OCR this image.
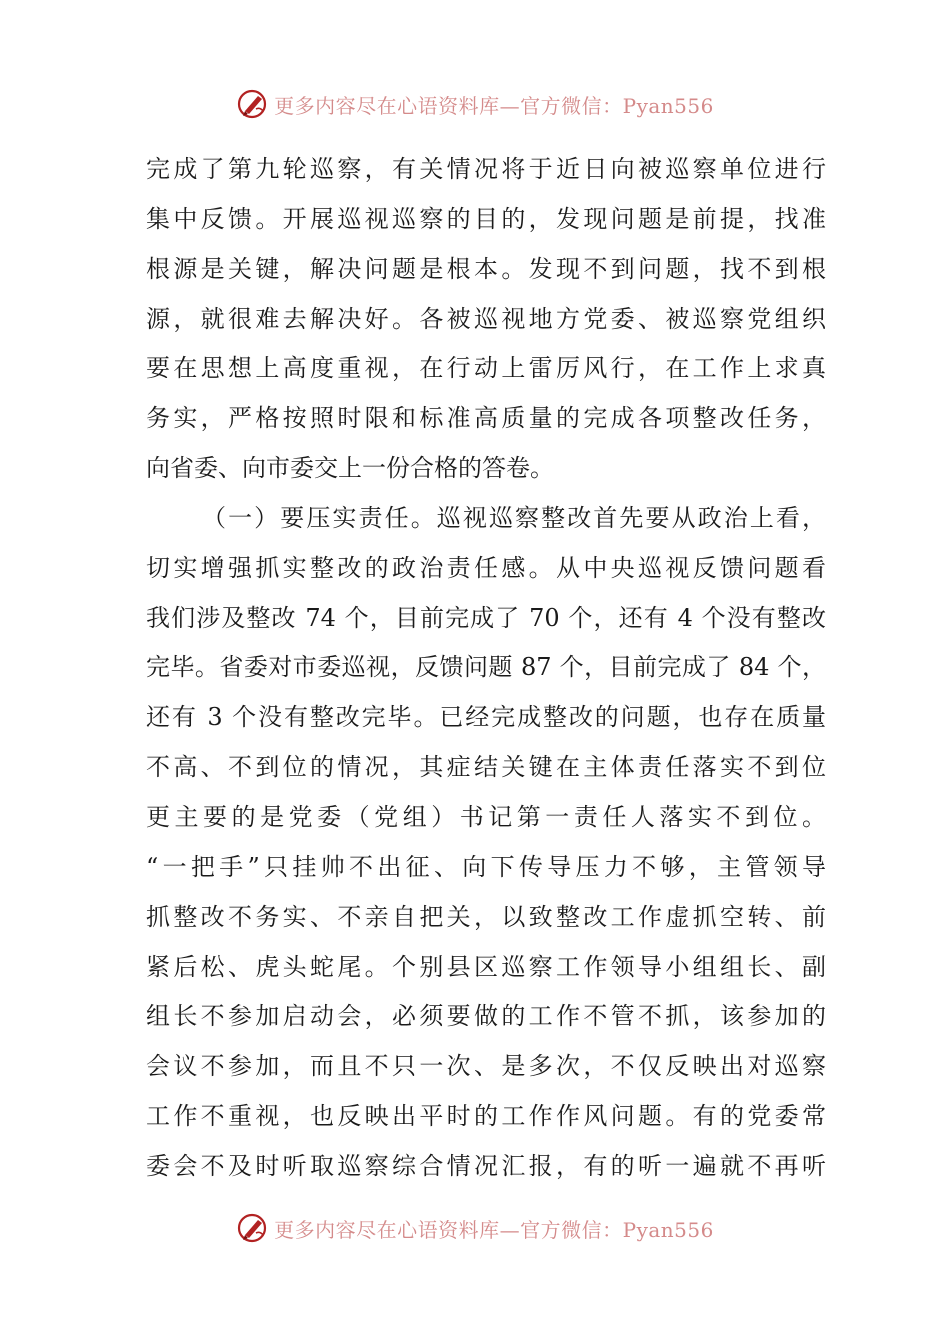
更多内容尽在心语资料库—官方微信：Pyan556
完成了第九轮巡察，有关情况将于近日向被巡察单位进行
集中反馈。开展巡视巡察的目的，发现问题是前提，找准
根源是关键，解决问题是根本。发现不到问题，找不到根
源，就很难去解决好。各被巡视地方党委、被巡察党组织
要在思想上高度重视，在行动上雷厉风行，在工作上求真
务实，严格按照时限和标准高质量的完成各项整改任务，
向省委、向市委交上一份合格的答卷。
（一）要压实责任。巡视巡察整改首先要从政治上看，
切实增强抓实整改的政治责任感。从中央巡视反馈问题看
我们涉及整改 74 个，目前完成了 70 个，还有 4 个没有整改
完毕。省委对市委巡视，反馈问题 87 个，目前完成了 84 个，
还有 3 个没有整改完毕。已经完成整改的问题，也存在质量
不高、不到位的情况，其症结关键在主体责任落实不到位
更主要的是党委（党组）书记第一责任人落实不到位。
“一把手”只挂帅不出征、向下传导压力不够，主管领导
抓整改不务实、不亲自把关，以致整改工作虚抓空转、前
紧后松、虎头蛇尾。个别县区巡察工作领导小组组长、副
组长不参加启动会，必须要做的工作不管不抓，该参加的
会议不参加，而且不只一次、是多次，不仅反映出对巡察
工作不重视，也反映出平时的工作作风问题。有的党委常
委会不及时听取巡察综合情况汇报，有的听一遍就不再听
更多内容尽在心语资料库—官方微信：Pyan556
